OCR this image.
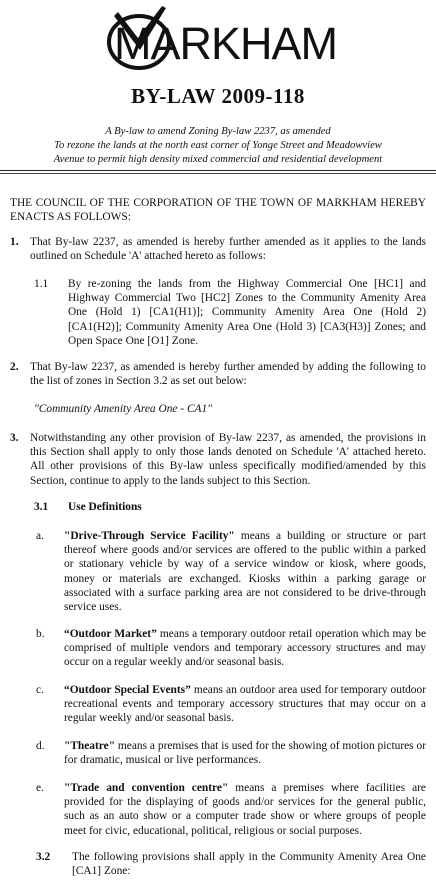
MARKHAM
BY-LAW 2009-118
A By-law to amend Zoning By-law 2237, as amended
To rezone the lands at the north east corner of Yonge Street and Meadowview
Avenue to permit high density mixed commercial and residential development

THE COUNCIL OF THE CORPORATION OF THE TOWN OF MARKHAM HEREBY ENACTS AS FOLLOWS:

1. That By-law 2237, as amended is hereby further amended as it applies to the lands outlined on Schedule 'A' attached hereto as follows:

1.1 By re-zoning the lands from the Highway Commercial One [HC1] and Highway Commercial Two [HC2] Zones to the Community Amenity Area One (Hold 1) [CA1(H1)]; Community Amenity Area One (Hold 2) [CA1(H2)]; Community Amenity Area One (Hold 3) [CA3(H3)] Zones; and Open Space One [O1] Zone.

2. That By-law 2237, as amended is hereby further amended by adding the following to the list of zones in Section 3.2 as set out below:

"Community Amenity Area One - CA1"

3. Notwithstanding any other provision of By-law 2237, as amended, the provisions in this Section shall apply to only those lands denoted on Schedule 'A' attached hereto. All other provisions of this By-law unless specifically modified/amended by this Section, continue to apply to the lands subject to this Section.

3.1 Use Definitions
a. "Drive-Through Service Facility" means a building or structure or part thereof where goods and/or services are offered to the public within a parked or stationary vehicle by way of a service window or kiosk, where goods, money or materials are exchanged. Kiosks within a parking garage or associated with a surface parking area are not considered to be drive-through service uses.

b. “Outdoor Market” means a temporary outdoor retail operation which may be comprised of multiple vendors and temporary accessory structures and may occur on a regular weekly and/or seasonal basis.

c. “Outdoor Special Events” means an outdoor area used for temporary outdoor recreational events and temporary accessory structures that may occur on a regular weekly and/or seasonal basis.

d. "Theatre" means a premises that is used for the showing of motion pictures or for dramatic, musical or live performances.

e. "Trade and convention centre" means a premises where facilities are provided for the displaying of goods and/or services for the general public, such as an auto show or a computer trade show or where groups of people meet for civic, educational, political, religious or social purposes.

3.2 The following provisions shall apply in the Community Amenity Area One [CA1] Zone:
